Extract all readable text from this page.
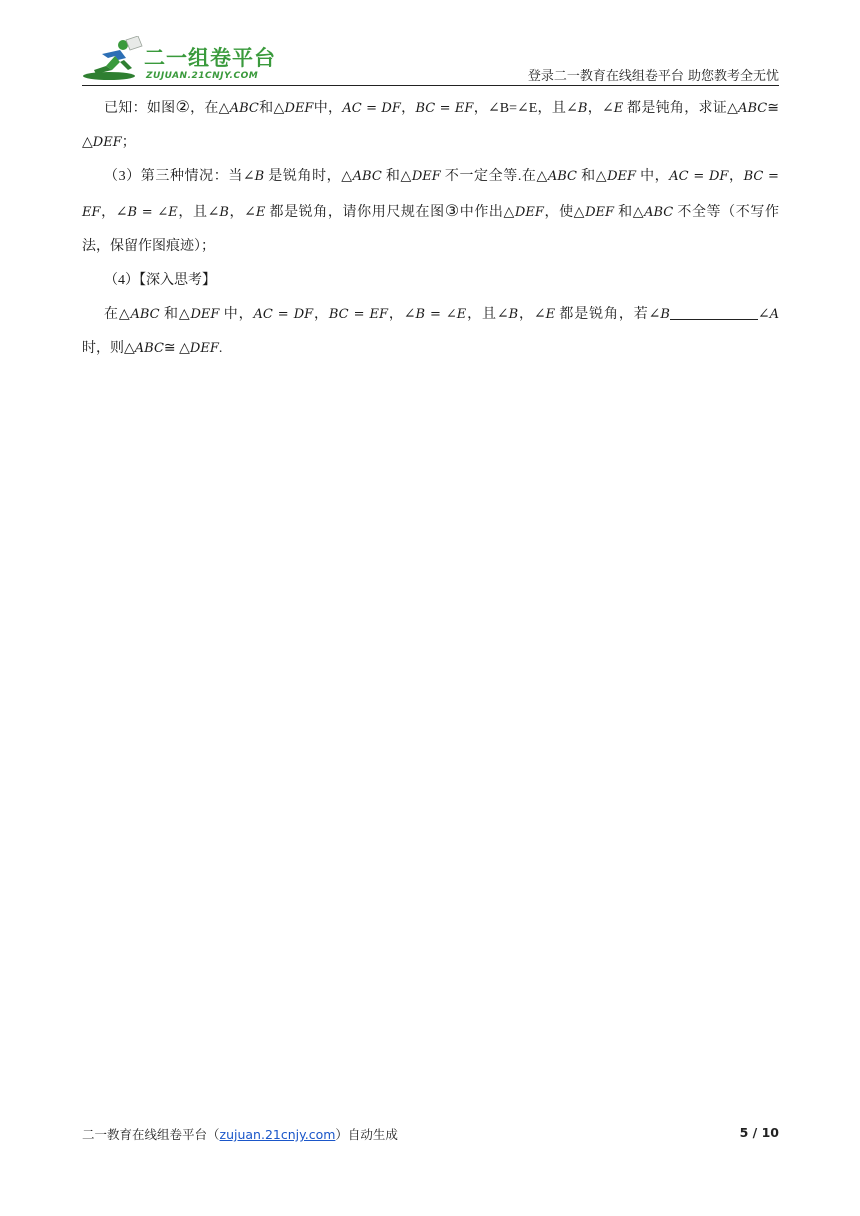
二一组卷平台
ZUJUAN.21CNJY.COM	登录二一教育在线组卷平台 助您教考全无忧

已知：如图②，在△ABC和△DEF中，AC = DF，BC = EF，∠B=∠E，且∠B，∠E 都是钝角，求证△ABC≅ △DEF；

（3）第三种情况：当∠B 是锐角时，△ABC 和△DEF 不一定全等.在△ABC 和△DEF 中，AC = DF，BC = EF，∠B = ∠E，且∠B，∠E 都是锐角，请你用尺规在图③中作出△DEF，使△DEF 和△ABC 不全等（不写作法，保留作图痕迹）；

（4）【深入思考】

在△ABC 和△DEF 中，AC = DF，BC = EF，∠B = ∠E，且∠B，∠E 都是锐角，若∠B	∠A 时，则△ABC≅ △DEF.

二一教育在线组卷平台（zujuan.21cnjy.com）自动生成	5 / 10
